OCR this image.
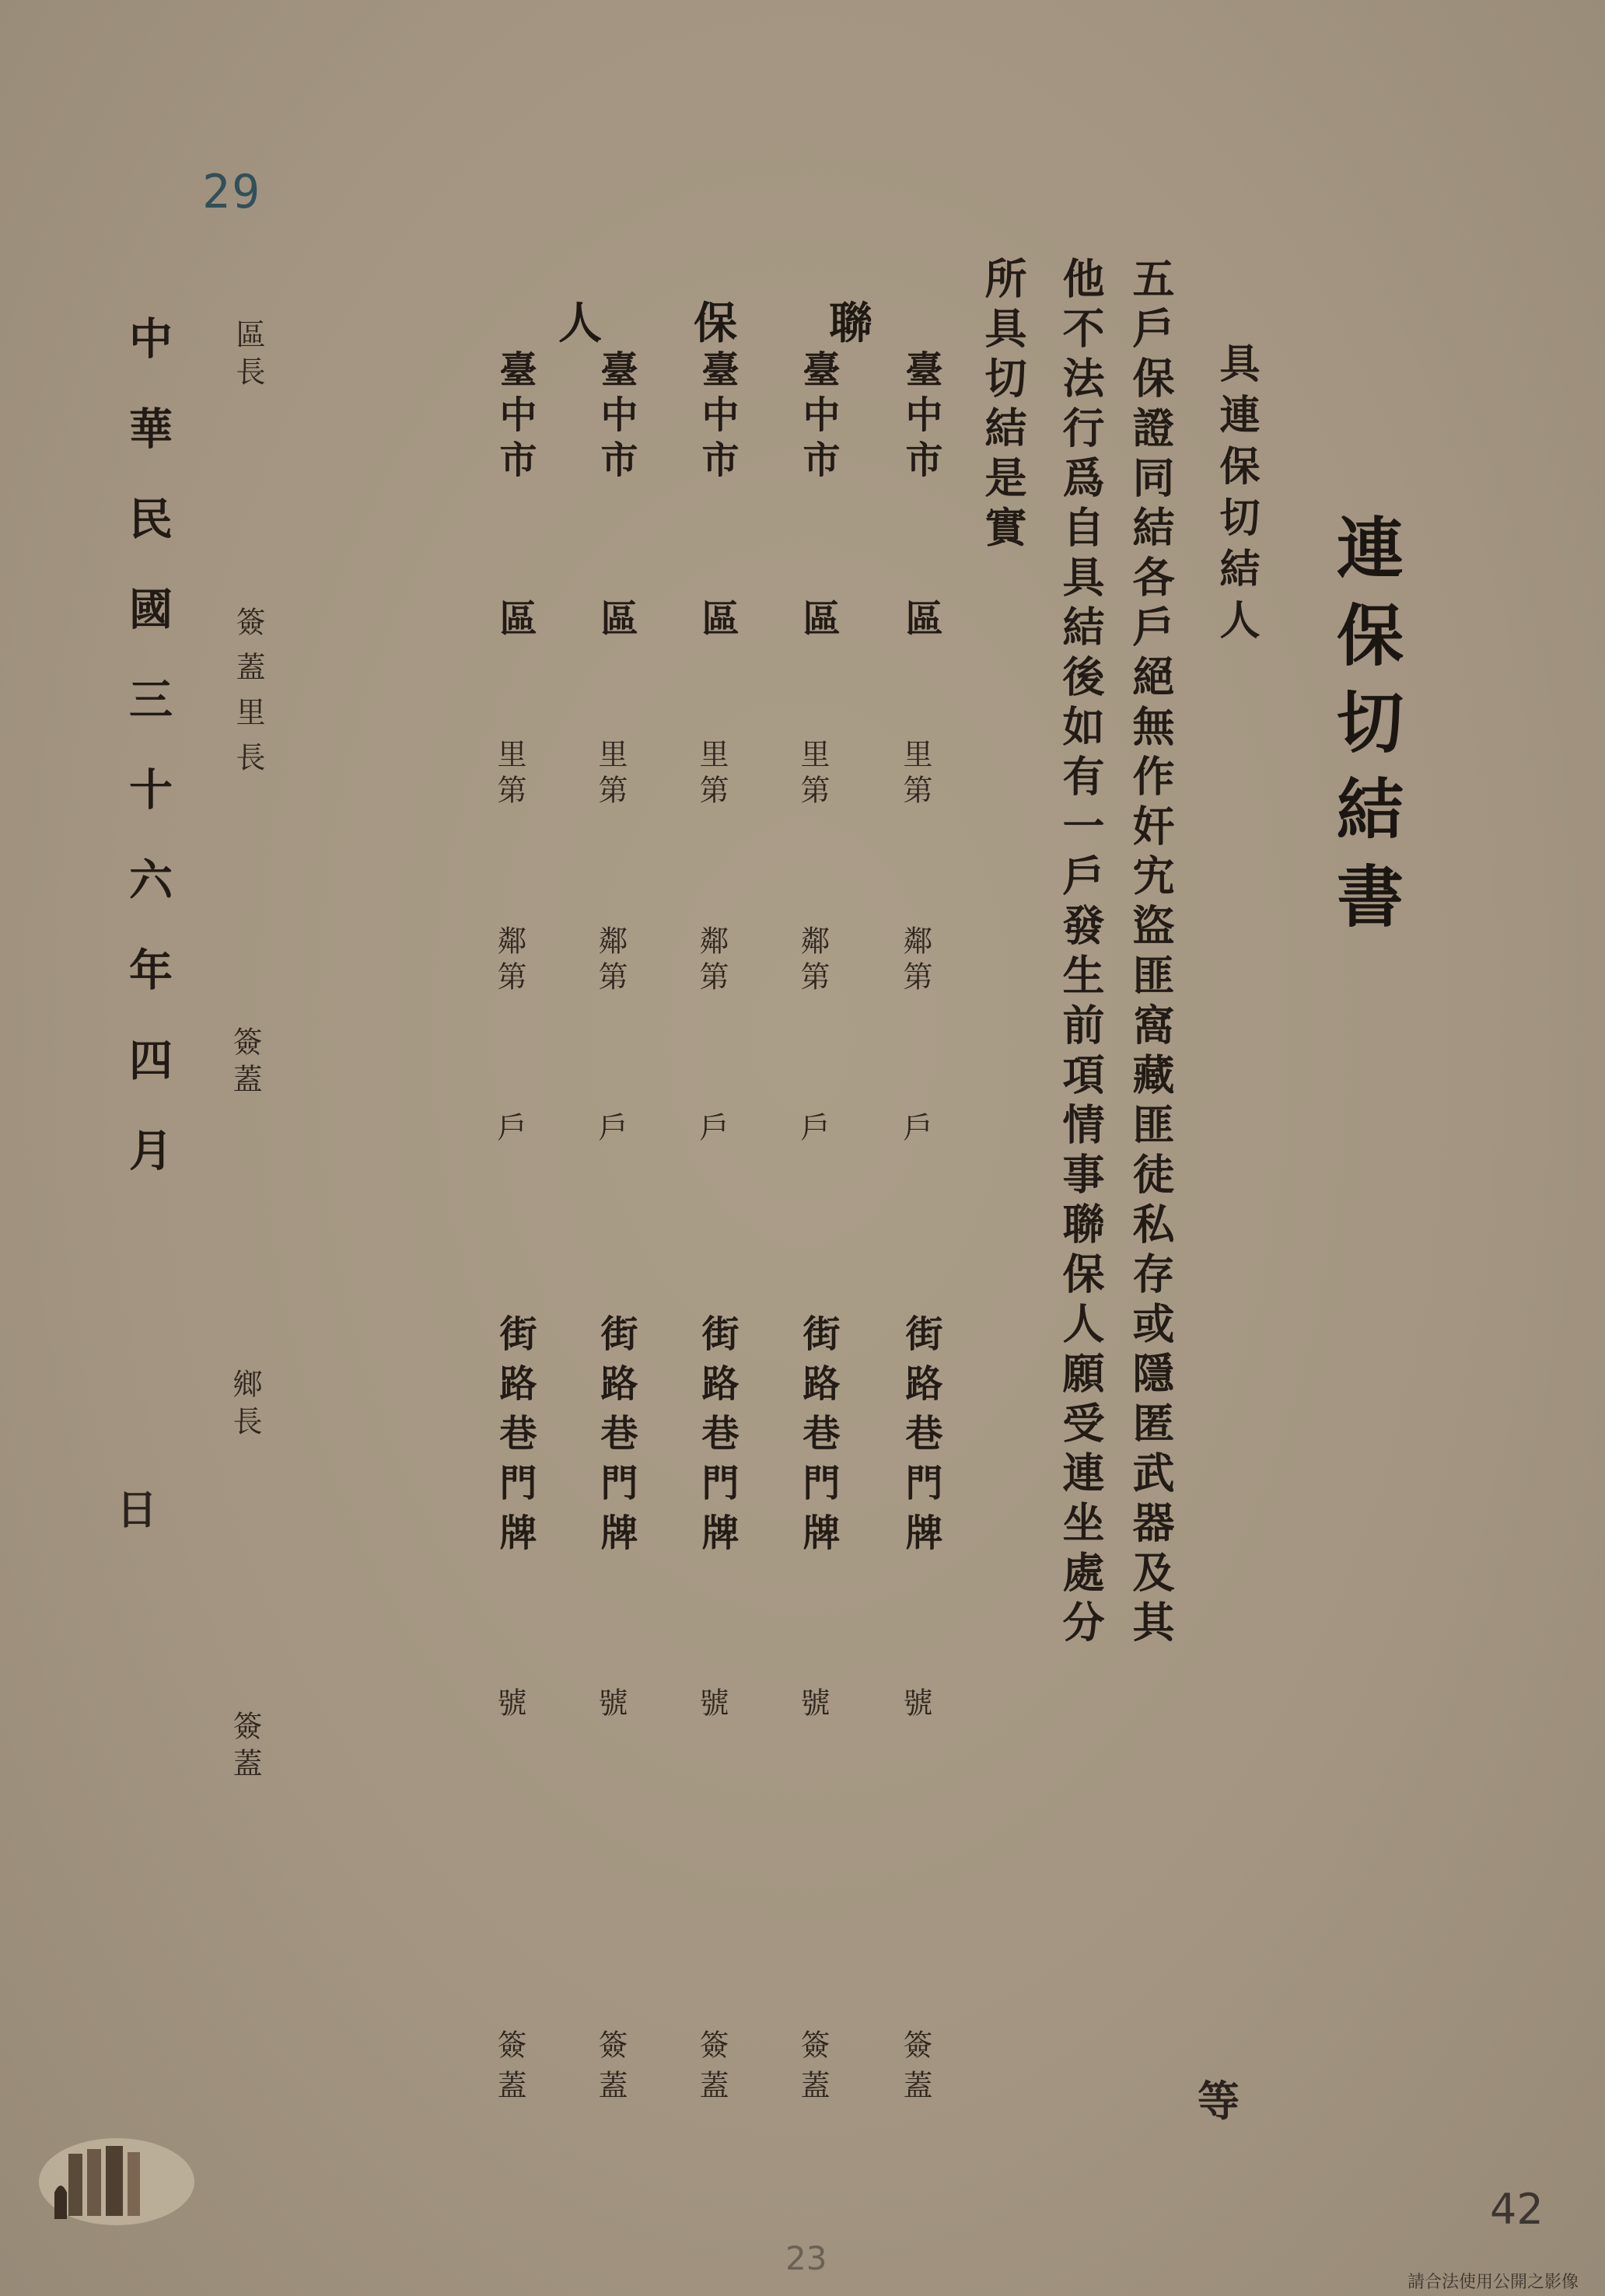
29
連保切結書
具連保切結人
等
五戶保證同結各戶絕無作奸宄盜匪窩藏匪徒私存或隱匿武器及其
他不法行爲自具結後如有一戶發生前項情事聯保人願受連坐處分
所具切結是實
聯
保
人
臺中市
區
里第
鄰第
戶
街路巷門牌
號
簽蓋
臺中市
區
里第
鄰第
戶
街路巷門牌
號
簽蓋
臺中市
區
里第
鄰第
戶
街路巷門牌
號
簽蓋
臺中市
區
里第
鄰第
戶
街路巷門牌
號
簽蓋
臺中市
區
里第
鄰第
戶
街路巷門牌
號
簽蓋
區長
簽蓋里長
簽蓋
鄉長
簽蓋
中華民國三十六年四月
日
42
23
請合法使用公開之影像
